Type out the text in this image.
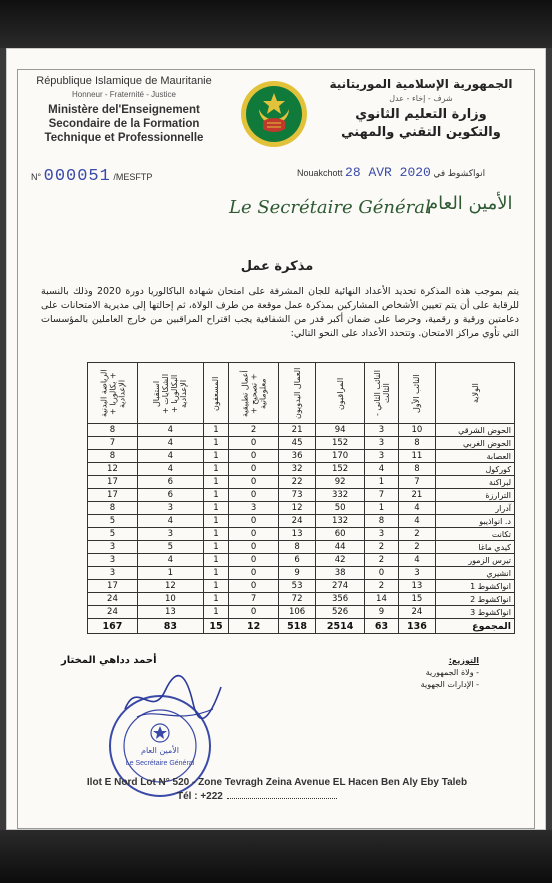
République Islamique de Mauritanie
Honneur - Fraternité - Justice
Ministère del'Enseignement
Secondaire de la Formation
Technique et Professionnelle
الجمهورية الإسلامية الموريتانية
شرف - إخاء - عدل
وزارة التعليم الثانوي
والتكوين التقني والمهني
N° 000051 /MESFTP	Nouakchott 28 AVR 2020 انواكشوط في
Le Secrétaire Général
الأمين العام
مذكرة عمل
يتم بموجب هذه المذكرة تحديد الأعداد النهائية للجان المشرفة على امتحان شهادة الباكالوريا دورة 2020 وذلك بالنسبة للرقابة على أن يتم تعيين الأشخاص المشاركين بمذكرة عمل موقعة من طرف الولاة، ثم إحالتها إلى مديرية الامتحانات على دعامتين ورقية و رقمية، وحرصا على ضمان أكبر قدر من الشفافية يجب اقتراح المراقبين من خارج العاملين بالمؤسسات التي تأوي مراكز الامتحان. وتتحدد الأعداد على النحو التالي:
الولاية	النائب الأول	النائب الثاني - الثالث	المراقبون	العمال اليدويون	أعمال تطبيقية + تصحيح + معلوماتية	المسعفون	استقبال الشكايات + البكالوريا + الإعدادية	الرياضة البدنية + بكالوريا + الإعدادية
الحوض الشرقي	10	3	94	21	2	1	4	8
الحوض الغربي	8	3	152	45	0	1	4	7
العصابة	11	3	170	36	0	1	4	8
كوركول	8	4	152	32	0	1	4	12
لبراكنة	7	1	92	22	0	1	6	17
الترارزة	21	7	332	73	0	1	6	17
آدرار	4	1	50	12	3	1	3	8
د. انواذيبو	4	8	132	24	0	1	4	5
تكانت	2	3	60	13	0	1	3	5
كيدي ماغا	2	2	44	8	0	1	5	3
تيرس الزمور	4	2	42	6	0	1	4	3
انشيري	3	0	38	9	0	1	1	3
انواكشوط 1	13	2	274	53	0	1	12	17
انواكشوط 2	15	14	356	72	7	1	10	24
انواكشوط 3	24	9	526	106	0	1	13	24
المجموع	136	63	2514	518	12	15	83	167
أحمد دداهي المختار	التوزيع:
- ولاة الجمهورية
- الإدارات الجهوية
الأمين العام
Le Secrétaire Général
Ilot E Nord Lot N° 520 - Zone Tevragh Zeina Avenue EL Hacen Ben Aly Eby Taleb
Tél : +222
